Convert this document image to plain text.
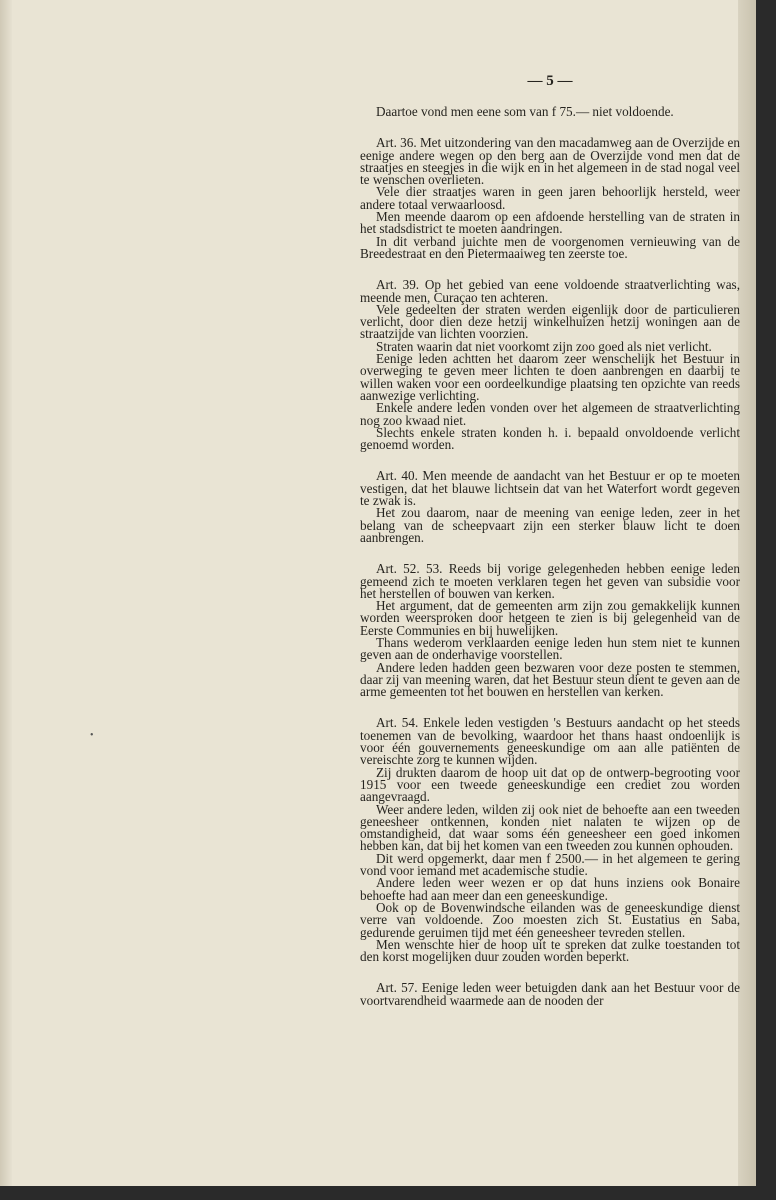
•
— 5 —

Daartoe vond men eene som van f 75.— niet voldoende.

Art. 36. Met uitzondering van den macadamweg aan de Overzijde en eenige andere wegen op den berg aan de Overzijde vond men dat de straatjes en steegjes in die wijk en in het algemeen in de stad nogal veel te wenschen overlieten.

Vele dier straatjes waren in geen jaren behoorlijk hersteld, weer andere totaal verwaarloosd.

Men meende daarom op een afdoende herstelling van de straten in het stadsdistrict te moeten aandringen.

In dit verband juichte men de voorgenomen vernieuwing van de Breedestraat en den Pietermaaiweg ten zeerste toe.

Art. 39. Op het gebied van eene voldoende straatverlichting was, meende men, Curaçao ten achteren.

Vele gedeelten der straten werden eigenlijk door de particulieren verlicht, door dien deze hetzij winkelhuizen hetzij woningen aan de straatzijde van lichten voorzien.

Straten waarin dat niet voorkomt zijn zoo goed als niet verlicht.

Eenige leden achtten het daarom zeer wenschelijk het Bestuur in overweging te geven meer lichten te doen aanbrengen en daarbij te willen waken voor een oordeelkundige plaatsing ten opzichte van reeds aanwezige verlichting.

Enkele andere leden vonden over het algemeen de straatverlichting nog zoo kwaad niet.

Slechts enkele straten konden h. i. bepaald onvoldoende verlicht genoemd worden.

Art. 40. Men meende de aandacht van het Bestuur er op te moeten vestigen, dat het blauwe lichtsein dat van het Waterfort wordt gegeven te zwak is.

Het zou daarom, naar de meening van eenige leden, zeer in het belang van de scheepvaart zijn een sterker blauw licht te doen aanbrengen.

Art. 52. 53. Reeds bij vorige gelegenheden hebben eenige leden gemeend zich te moeten verklaren tegen het geven van subsidie voor het herstellen of bouwen van kerken.

Het argument, dat de gemeenten arm zijn zou gemakkelijk kunnen worden weersproken door hetgeen te zien is bij gelegenheid van de Eerste Communies en bij huwelijken.

Thans wederom verklaarden eenige leden hun stem niet te kunnen geven aan de onderhavige voorstellen.

Andere leden hadden geen bezwaren voor deze posten te stemmen, daar zij van meening waren, dat het Bestuur steun dient te geven aan de arme gemeenten tot het bouwen en herstellen van kerken.

Art. 54. Enkele leden vestigden 's Bestuurs aandacht op het steeds toenemen van de bevolking, waardoor het thans haast ondoenlijk is voor één gouvernements geneeskundige om aan alle patiënten de vereischte zorg te kunnen wijden.

Zij drukten daarom de hoop uit dat op de ontwerp-begrooting voor 1915 voor een tweede geneeskundige een crediet zou worden aangevraagd.

Weer andere leden, wilden zij ook niet de behoefte aan een tweeden geneesheer ontkennen, konden niet nalaten te wijzen op de omstandigheid, dat waar soms één geneesheer een goed inkomen hebben kan, dat bij het komen van een tweeden zou kunnen ophouden.

Dit werd opgemerkt, daar men f 2500.— in het algemeen te gering vond voor iemand met academische studie.

Andere leden weer wezen er op dat huns inziens ook Bonaire behoefte had aan meer dan een geneeskundige.

Ook op de Bovenwindsche eilanden was de geneeskundige dienst verre van voldoende. Zoo moesten zich St. Eustatius en Saba, gedurende geruimen tijd met één geneesheer tevreden stellen.

Men wenschte hier de hoop uit te spreken dat zulke toestanden tot den korst mogelijken duur zouden worden beperkt.

Art. 57. Eenige leden weer betuigden dank aan het Bestuur voor de voortvarendheid waarmede aan de nooden der
